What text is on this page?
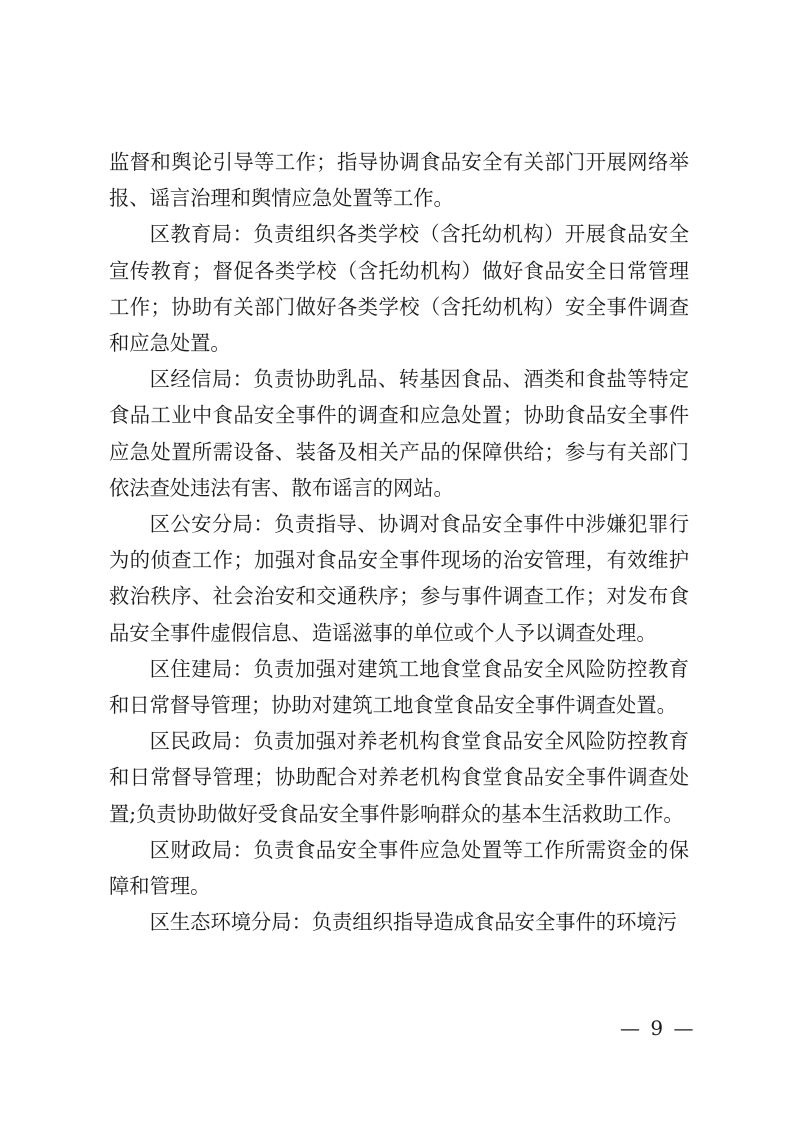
监督和舆论引导等工作；指导协调食品安全有关部门开展网络举报、谣言治理和舆情应急处置等工作。

区教育局：负责组织各类学校（含托幼机构）开展食品安全宣传教育；督促各类学校（含托幼机构）做好食品安全日常管理工作；协助有关部门做好各类学校（含托幼机构）安全事件调查和应急处置。

区经信局：负责协助乳品、转基因食品、酒类和食盐等特定食品工业中食品安全事件的调查和应急处置；协助食品安全事件应急处置所需设备、装备及相关产品的保障供给；参与有关部门依法查处违法有害、散布谣言的网站。

区公安分局：负责指导、协调对食品安全事件中涉嫌犯罪行为的侦查工作；加强对食品安全事件现场的治安管理，有效维护救治秩序、社会治安和交通秩序；参与事件调查工作；对发布食品安全事件虚假信息、造谣滋事的单位或个人予以调查处理。

区住建局：负责加强对建筑工地食堂食品安全风险防控教育和日常督导管理；协助对建筑工地食堂食品安全事件调查处置。

区民政局：负责加强对养老机构食堂食品安全风险防控教育和日常督导管理；协助配合对养老机构食堂食品安全事件调查处置;负责协助做好受食品安全事件影响群众的基本生活救助工作。

区财政局：负责食品安全事件应急处置等工作所需资金的保障和管理。

区生态环境分局：负责组织指导造成食品安全事件的环境污

— 9 —
